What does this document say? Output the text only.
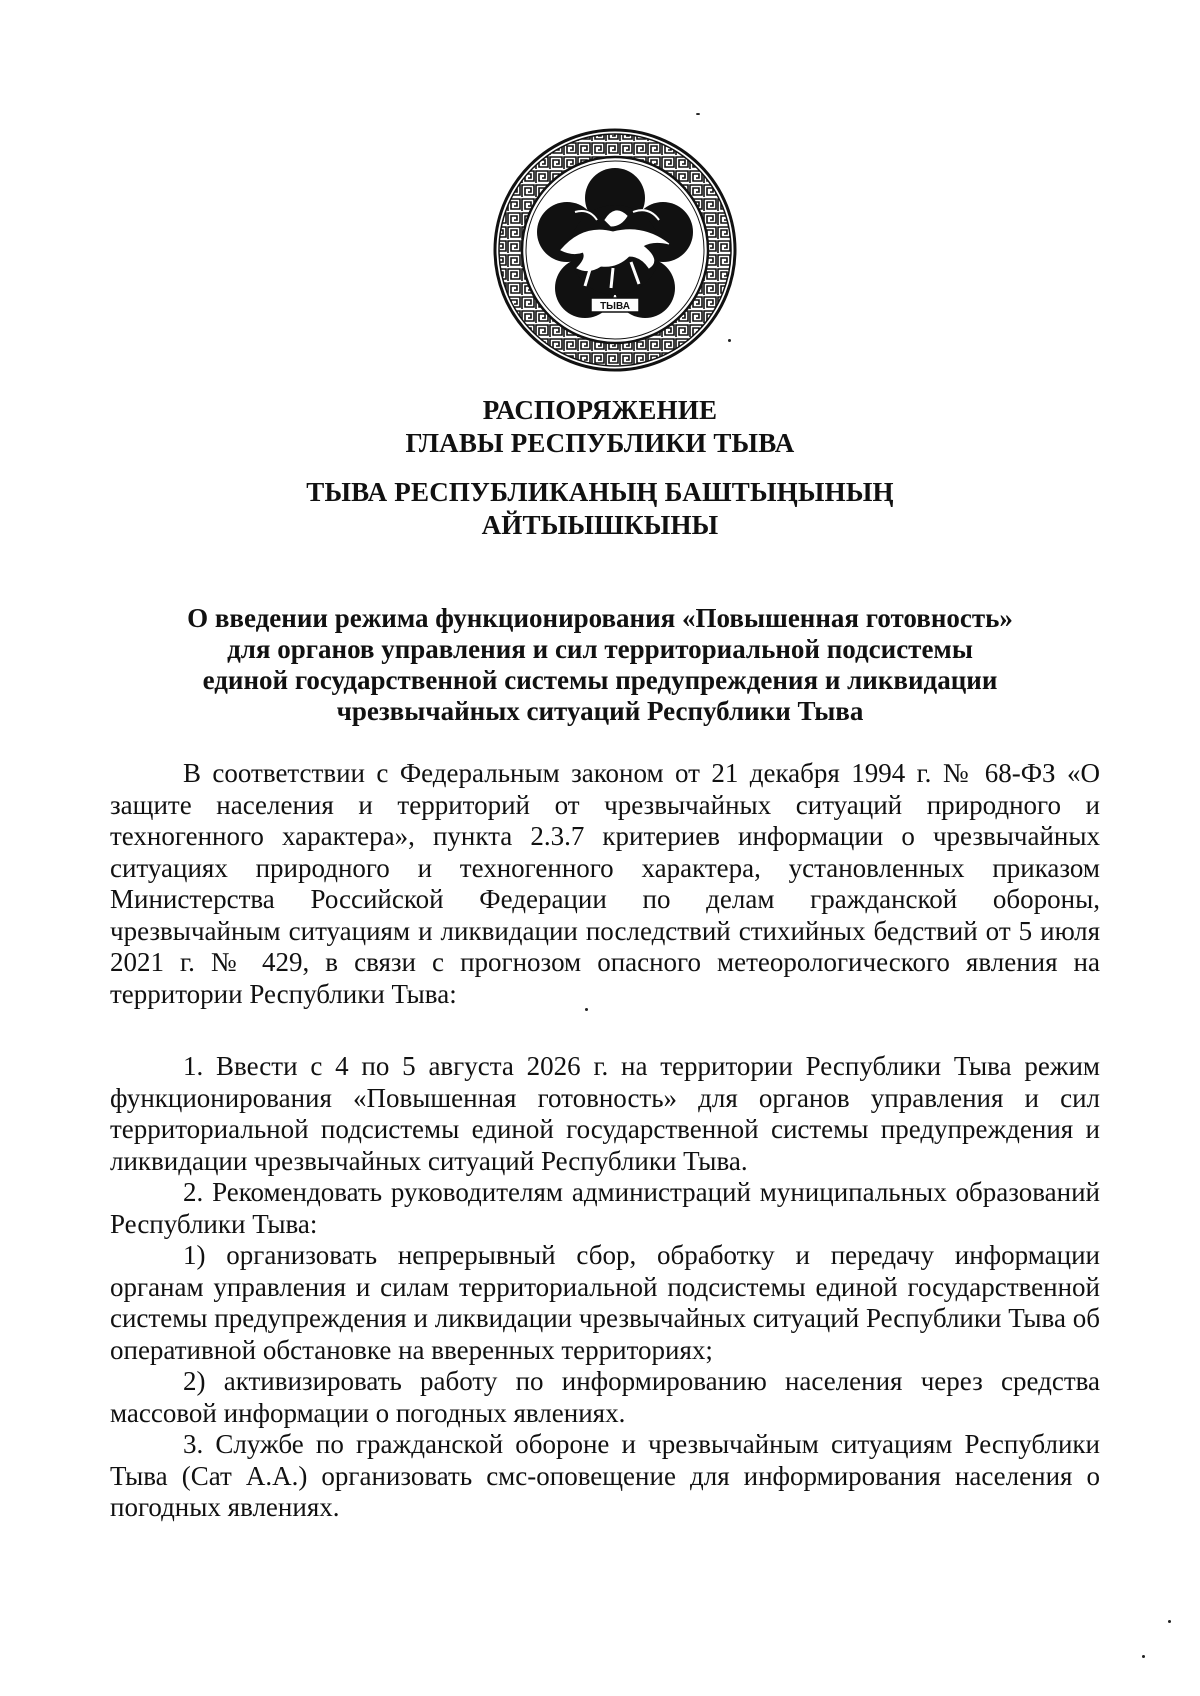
ТЫВА
РАСПОРЯЖЕНИЕ
ГЛАВЫ РЕСПУБЛИКИ ТЫВА
ТЫВА РЕСПУБЛИКАНЫҢ БАШТЫҢЫНЫҢ
АЙТЫЫШКЫНЫ
О введении режима функционирования «Повышенная готовность»
для органов управления и сил территориальной подсистемы
единой государственной системы предупреждения и ликвидации
чрезвычайных ситуаций Республики Тыва

В соответствии с Федеральным законом от 21 декабря 1994 г. № 68-ФЗ «О защите населения и территорий от чрезвычайных ситуаций природного и техногенного характера», пункта 2.3.7 критериев информации о чрезвычайных ситуациях природного и техногенного характера, установленных приказом Министерства Российской Федерации по делам гражданской обороны, чрезвычайным ситуациям и ликвидации последствий стихийных бедствий от 5 июля 2021 г. № 429, в связи с прогнозом опасного метеорологического явления на территории Республики Тыва:

1. Ввести с 4 по 5 августа 2026 г. на территории Республики Тыва режим функционирования «Повышенная готовность» для органов управления и сил территориальной подсистемы единой государственной системы предупреждения и ликвидации чрезвычайных ситуаций Республики Тыва.

2. Рекомендовать руководителям администраций муниципальных образований Республики Тыва:

1) организовать непрерывный сбор, обработку и передачу информации органам управления и силам территориальной подсистемы единой государственной системы предупреждения и ликвидации чрезвычайных ситуаций Республики Тыва об оперативной обстановке на вверенных территориях;

2) активизировать работу по информированию населения через средства массовой информации о погодных явлениях.

3. Службе по гражданской обороне и чрезвычайным ситуациям Республики Тыва (Сат А.А.) организовать смс-оповещение для информирования населения о погодных явлениях.
